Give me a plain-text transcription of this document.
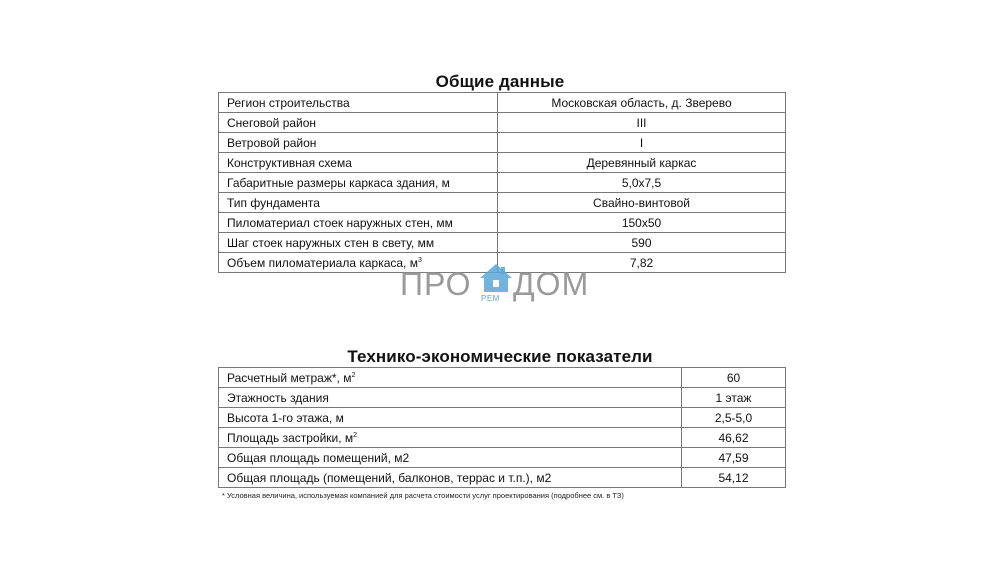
Общие данные
Регион строительства	Московская область, д. Зверево
Снеговой район	III
Ветровой район	I
Конструктивная схема	Деревянный каркас
Габаритные размеры каркаса здания, м	5,0х7,5
Тип фундамента	Свайно-винтовой
Пиломатериал стоек наружных стен, мм	150х50
Шаг стоек наружных стен в свету, мм	590
Объем пиломатериала каркаса, $м^3$	7,82
ПРО РЕМ ДОМ
Технико-экономические показатели
Расчетный метраж*, $м^2$	60
Этажность здания	1 этаж
Высота 1-го этажа, м	2,5-5,0
Площадь застройки, $м^2$	46,62
Общая площадь помещений, м2	47,59
Общая площадь (помещений, балконов, террас и т.п.), м2	54,12
* Условная величина, используемая компанией для расчета стоимости услуг проектирования (подробнее см. в ТЗ)
